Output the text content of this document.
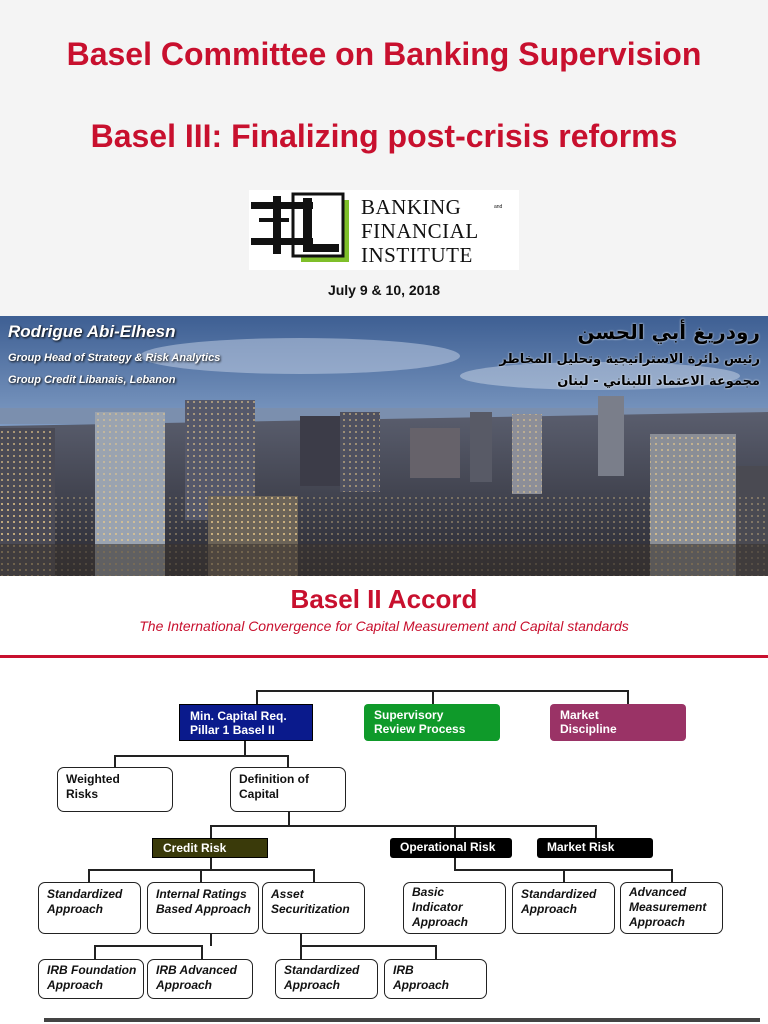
Basel Committee on Banking Supervision
Basel III: Finalizing post-crisis reforms
BANKING	and
FINANCIAL
INSTITUTE
July 9 & 10, 2018
Rodrigue Abi-Elhesn
Group Head of Strategy & Risk Analytics
Group Credit Libanais, Lebanon
رودريغ أبي الحسن
رئيس دائرة الاستراتيجية وتحليل المخاطر
مجموعة الاعتماد اللبناني - لبنان
Basel II Accord
The International Convergence for Capital Measurement and Capital standards
Min. Capital Req.
Pillar 1 Basel II
Supervisory
Review Process
Market
Discipline
Weighted
Risks
Definition of
Capital
Credit Risk	Operational Risk	Market Risk
Standardized
Approach
Internal Ratings
Based Approach
Asset
Securitization
Basic
Indicator
Approach
Standardized
Approach
Advanced
Measurement
Approach
IRB Foundation
Approach
IRB Advanced
Approach
Standardized
Approach
IRB
Approach
